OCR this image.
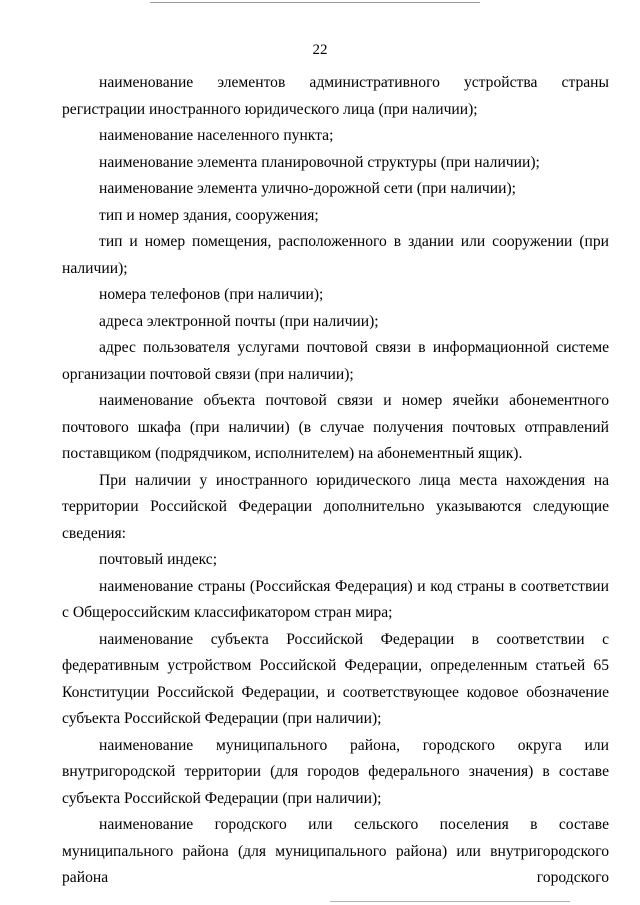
22

наименование элементов административного устройства страны регистрации иностранного юридического лица (при наличии);

наименование населенного пункта;

наименование элемента планировочной структуры (при наличии);

наименование элемента улично-дорожной сети (при наличии);

тип и номер здания, сооружения;

тип и номер помещения, расположенного в здании или сооружении (при наличии);

номера телефонов (при наличии);

адреса электронной почты (при наличии);

адрес пользователя услугами почтовой связи в информационной системе организации почтовой связи (при наличии);

наименование объекта почтовой связи и номер ячейки абонементного почтового шкафа (при наличии) (в случае получения почтовых отправлений поставщиком (подрядчиком, исполнителем) на абонементный ящик).

При наличии у иностранного юридического лица места нахождения на территории Российской Федерации дополнительно указываются следующие сведения:

почтовый индекс;

наименование страны (Российская Федерация) и код страны в соответствии с Общероссийским классификатором стран мира;

наименование субъекта Российской Федерации в соответствии с федеративным устройством Российской Федерации, определенным статьей 65 Конституции Российской Федерации, и соответствующее кодовое обозначение субъекта Российской Федерации (при наличии);

наименование муниципального района, городского округа или внутригородской территории (для городов федерального значения) в составе субъекта Российской Федерации (при наличии);

наименование городского или сельского поселения в составе муниципального района (для муниципального района) или внутригородского района городского
